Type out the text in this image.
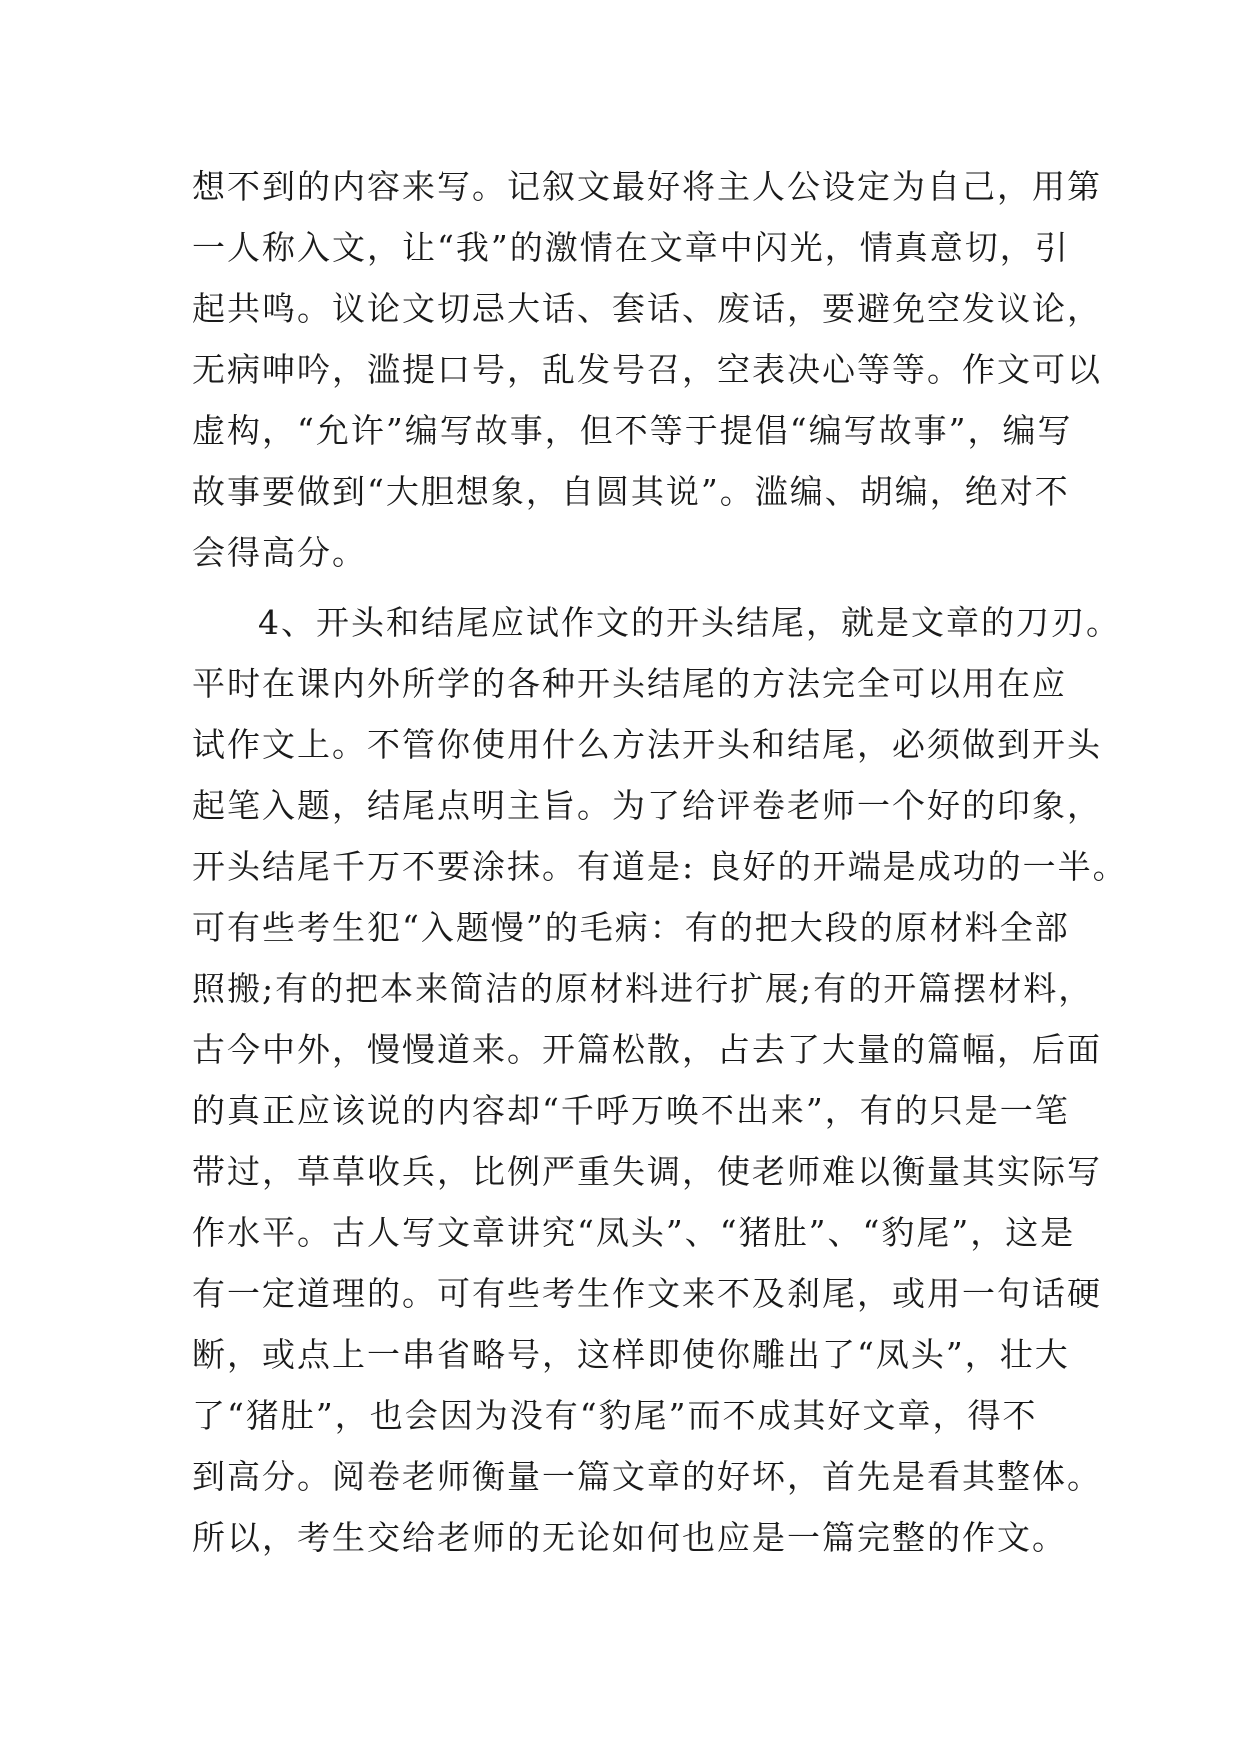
想不到的内容来写。记叙文最好将主人公设定为自己，用第
一人称入文，让“我”的激情在文章中闪光，情真意切，引
起共鸣。议论文切忌大话、套话、废话，要避免空发议论，
无病呻吟，滥提口号，乱发号召，空表决心等等。作文可以
虚构，“允许”编写故事，但不等于提倡“编写故事”，编写
故事要做到“大胆想象，自圆其说”。滥编、胡编，绝对不
会得高分。
4、开头和结尾应试作文的开头结尾，就是文章的刀刃。
平时在课内外所学的各种开头结尾的方法完全可以用在应
试作文上。不管你使用什么方法开头和结尾，必须做到开头
起笔入题，结尾点明主旨。为了给评卷老师一个好的印象，
开头结尾千万不要涂抹。有道是: 良好的开端是成功的一半。
可有些考生犯“入题慢”的毛病：有的把大段的原材料全部
照搬;有的把本来简洁的原材料进行扩展;有的开篇摆材料，
古今中外，慢慢道来。开篇松散，占去了大量的篇幅，后面
的真正应该说的内容却“千呼万唤不出来”，有的只是一笔
带过，草草收兵，比例严重失调，使老师难以衡量其实际写
作水平。古人写文章讲究“凤头”、“猪肚”、“豹尾”，这是
有一定道理的。可有些考生作文来不及刹尾，或用一句话硬
断，或点上一串省略号，这样即使你雕出了“凤头”，壮大
了“猪肚”，也会因为没有“豹尾”而不成其好文章，得不
到高分。阅卷老师衡量一篇文章的好坏，首先是看其整体。
所以，考生交给老师的无论如何也应是一篇完整的作文。
